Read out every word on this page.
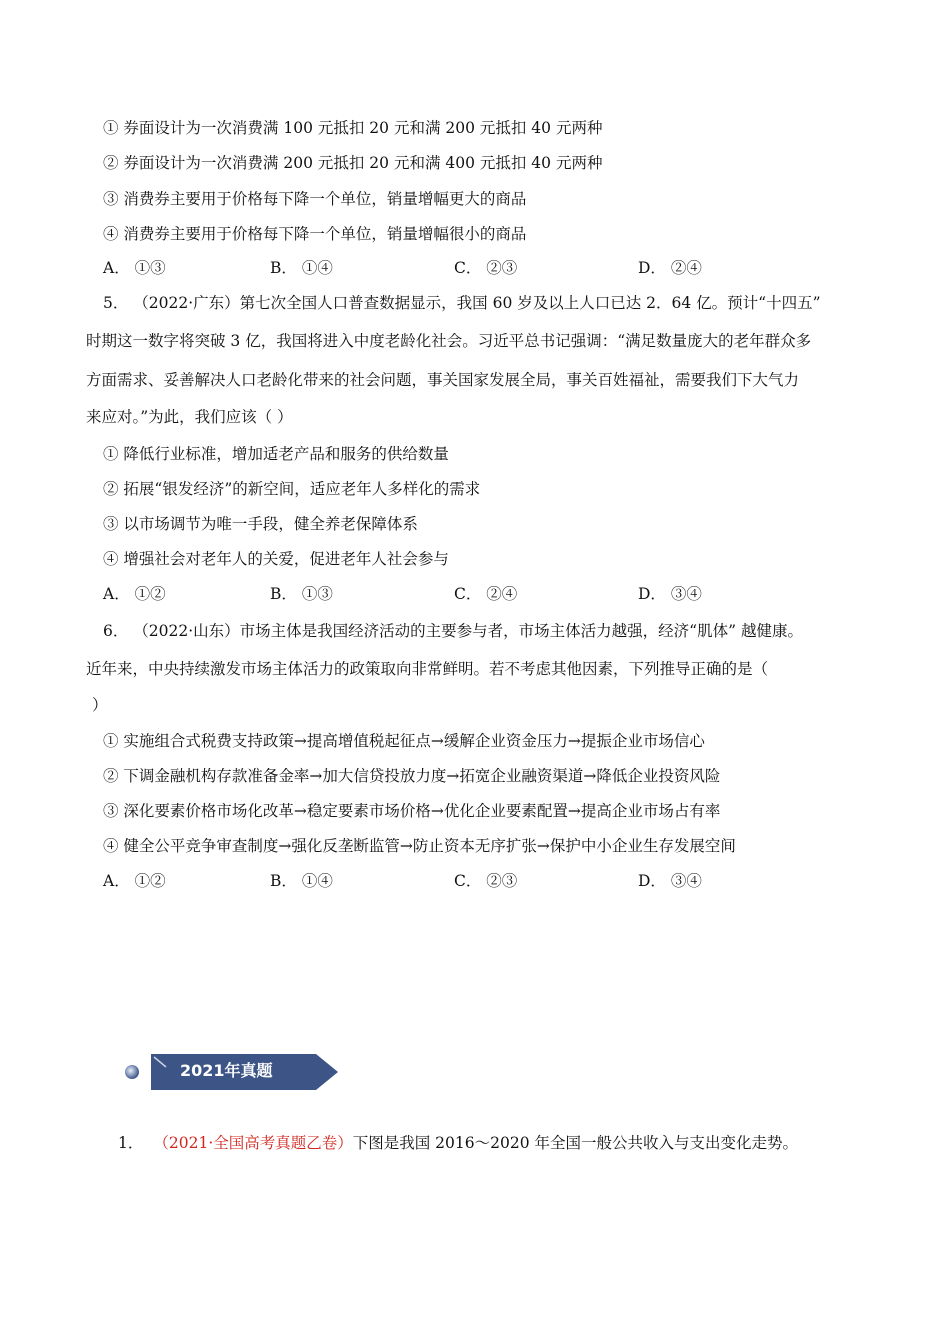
① 券面设计为一次消费满 100 元抵扣 20 元和满 200 元抵扣 40 元两种
② 券面设计为一次消费满 200 元抵扣 20 元和满 400 元抵扣 40 元两种
③ 消费券主要用于价格每下降一个单位，销量增幅更大的商品
④ 消费券主要用于价格每下降一个单位，销量增幅很小的商品
A． ①③	B． ①④	C． ②③	D． ②④
5． （2022·广东）第七次全国人口普查数据显示，我国 60 岁及以上人口已达 2．64 亿。预计“十四五”
时期这一数字将突破 3 亿，我国将进入中度老龄化社会。习近平总书记强调：“满足数量庞大的老年群众多
方面需求、妥善解决人口老龄化带来的社会问题，事关国家发展全局，事关百姓福祉，需要我们下大气力
来应对。”为此，我们应该（ ）
① 降低行业标准，增加适老产品和服务的供给数量
② 拓展“银发经济”的新空间，适应老年人多样化的需求
③ 以市场调节为唯一手段，健全养老保障体系
④ 增强社会对老年人的关爱，促进老年人社会参与
A． ①②	B． ①③	C． ②④	D． ③④
6． （2022·山东）市场主体是我国经济活动的主要参与者，市场主体活力越强，经济“肌体” 越健康。
近年来，中央持续激发市场主体活力的政策取向非常鲜明。若不考虑其他因素，下列推导正确的是（
）
① 实施组合式税费支持政策→提高增值税起征点→缓解企业资金压力→提振企业市场信心
② 下调金融机构存款准备金率→加大信贷投放力度→拓宽企业融资渠道→降低企业投资风险
③ 深化要素价格市场化改革→稳定要素市场价格→优化企业要素配置→提高企业市场占有率
④ 健全公平竞争审查制度→强化反垄断监管→防止资本无序扩张→保护中小企业生存发展空间
A． ①②	B． ①④	C． ②③	D． ③④
2021年真题
1． （2021·全国高考真题乙卷）下图是我国 2016～2020 年全国一般公共收入与支出变化走势。
